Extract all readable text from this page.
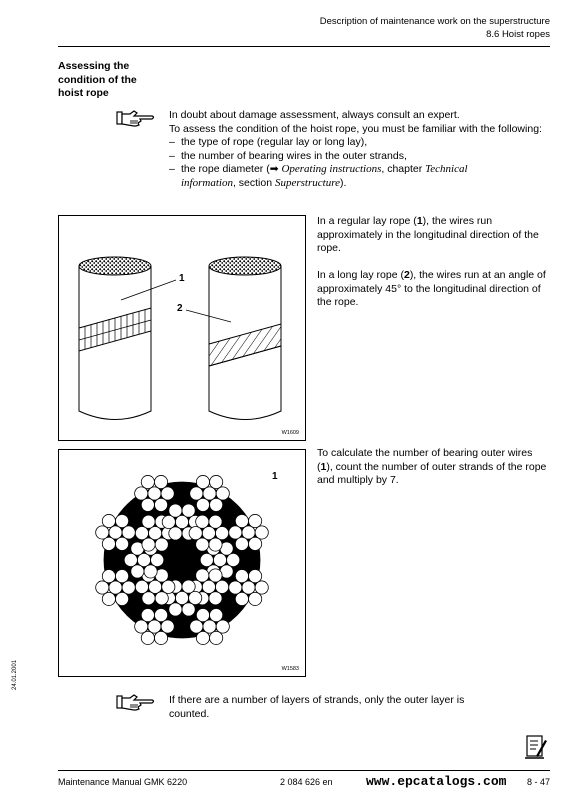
Description of maintenance work on the superstructure
8.6 Hoist ropes
Assessing the condition of the hoist rope
In doubt about damage assessment, always consult an expert.
To assess the condition of the hoist rope, you must be familiar with the following:
– the type of rope (regular lay or long lay),
– the number of bearing wires in the outer strands,
– the rope diameter (➡ Operating instructions, chapter Technical information, section Superstructure).
1
2
W1609
In a regular lay rope (1), the wires run approximately in the longitudinal direction of the rope.
In a long lay rope (2), the wires run at an angle of approximately 45° to the longitudinal direction of the rope.
1
W1583
To calculate the number of bearing outer wires (1), count the number of outer strands of the rope and multiply by 7.
If there are a number of layers of strands, only the outer layer is counted.
24.01.2001
Maintenance Manual GMK 6220	2 084 626 en	www.epcatalogs.com 8 - 47
